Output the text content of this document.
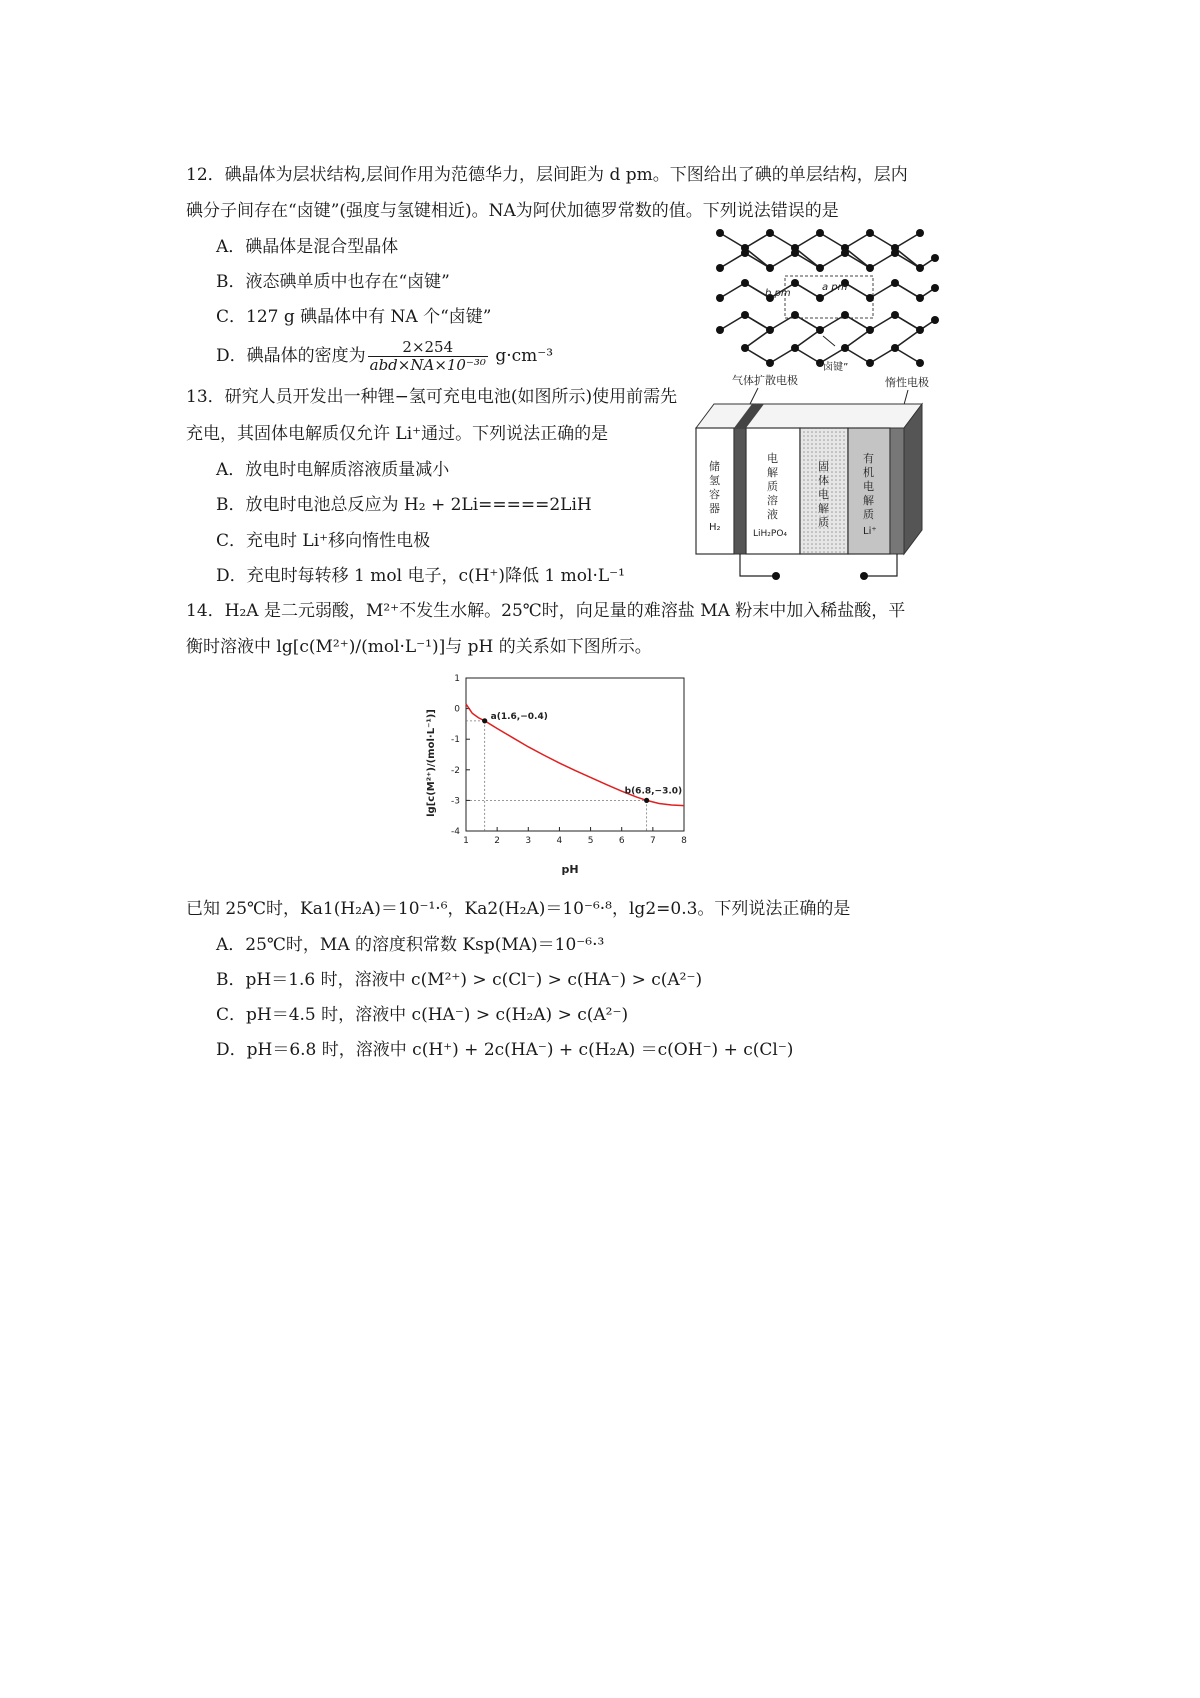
12．碘晶体为层状结构,层间作用为范德华力，层间距为 d pm。下图给出了碘的单层结构，层内
碘分子间存在“卤键”(强度与氢键相近)。NA为阿伏加德罗常数的值。下列说法错误的是
A．碘晶体是混合型晶体
B．液态碘单质中也存在“卤键”
C．127 g 碘晶体中有 NA 个“卤键”
D．碘晶体的密度为 $\frac{2\times 254}{\text{abd×NA×10⁻³⁰}} g\cdot cm^{-3}$
b pm
a pm
“卤键”
13．研究人员开发出一种锂−氢可充电电池(如图所示)使用前需先
充电，其固体电解质仅允许 Li⁺通过。下列说法正确的是
A．放电时电解质溶液质量减小
B．放电时电池总反应为 H₂ + 2Li=====2LiH
C．充电时 Li⁺移向惰性电极
D．充电时每转移 1 mol 电子，c(H⁺)降低 1 mol·L⁻¹
气体扩散电极	惰性电极
储氢容器
H₂
电解质溶液
LiH₂PO₄
固体电解质
有机电解质
Li⁺
14．H₂A 是二元弱酸，M²⁺不发生水解。25℃时，向足量的难溶盐 MA 粉末中加入稀盐酸，平
衡时溶液中 lg[c(M²⁺)/(mol·L⁻¹)]与 pH 的关系如下图所示。
1	2	3	4	5	6	7	8
1
0
-1
-2
-3
-4
a(1.6,−0.4)
b(6.8,−3.0)
pH
lg[c(M²⁺)/(mol·L⁻¹)]
已知 25℃时，Ka1(H₂A)＝10⁻¹·⁶，Ka2(H₂A)＝10⁻⁶·⁸，lg2=0.3。下列说法正确的是
A．25℃时，MA 的溶度积常数 Ksp(MA)＝10⁻⁶·³
B．pH＝1.6 时，溶液中 c(M²⁺) > c(Cl⁻) > c(HA⁻) > c(A²⁻)
C．pH＝4.5 时，溶液中 c(HA⁻) > c(H₂A) > c(A²⁻)
D．pH＝6.8 时，溶液中 c(H⁺) + 2c(HA⁻) + c(H₂A) ＝c(OH⁻) + c(Cl⁻)
